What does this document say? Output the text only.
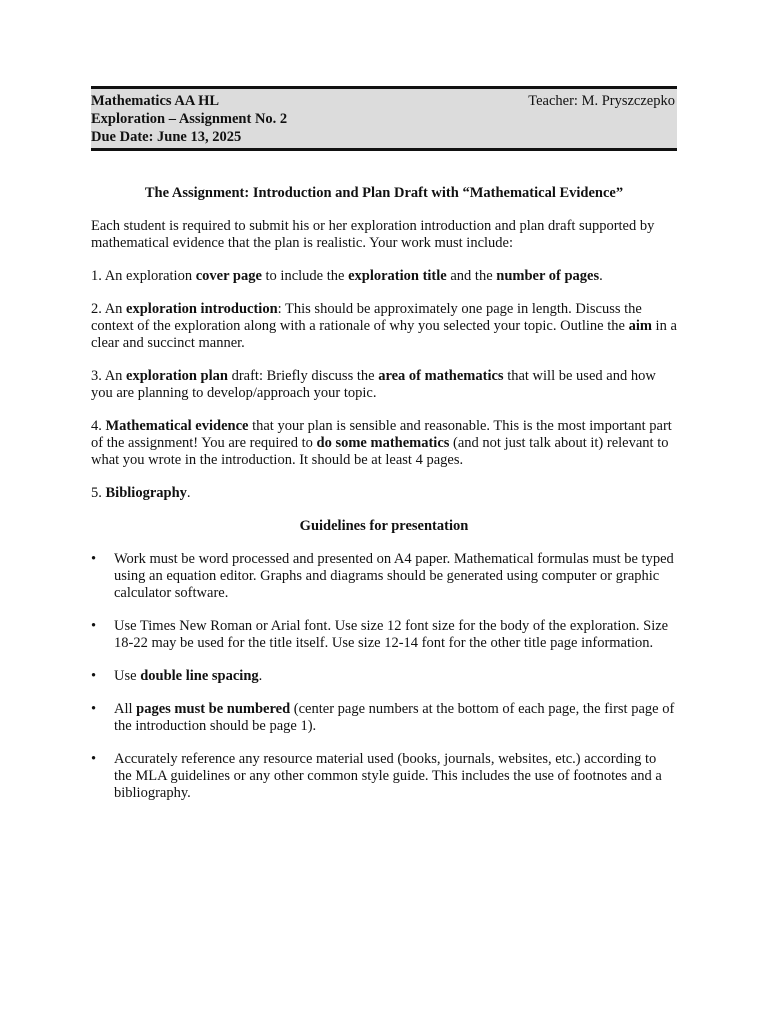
Mathematics AA HL	Teacher: M. Pryszczepko
Exploration – Assignment No. 2
Due Date: June 13, 2025
The Assignment: Introduction and Plan Draft with “Mathematical Evidence”

Each student is required to submit his or her exploration introduction and plan draft supported by mathematical evidence that the plan is realistic. Your work must include:

1. An exploration cover page to include the exploration title and the number of pages.

2. An exploration introduction: This should be approximately one page in length. Discuss the context of the exploration along with a rationale of why you selected your topic. Outline the aim in a clear and succinct manner.

3. An exploration plan draft: Briefly discuss the area of mathematics that will be used and how you are planning to develop/approach your topic.

4. Mathematical evidence that your plan is sensible and reasonable. This is the most important part of the assignment! You are required to do some mathematics (and not just talk about it) relevant to what you wrote in the introduction. It should be at least 4 pages.

5. Bibliography.

Guidelines for presentation
• Work must be word processed and presented on A4 paper. Mathematical formulas must be typed using an equation editor. Graphs and diagrams should be generated using computer or graphic calculator software.
• Use Times New Roman or Arial font. Use size 12 font size for the body of the exploration. Size 18-22 may be used for the title itself. Use size 12-14 font for the other title page information.
• Use double line spacing.
• All pages must be numbered (center page numbers at the bottom of each page, the first page of the introduction should be page 1).
• Accurately reference any resource material used (books, journals, websites, etc.) according to the MLA guidelines or any other common style guide. This includes the use of footnotes and a bibliography.
